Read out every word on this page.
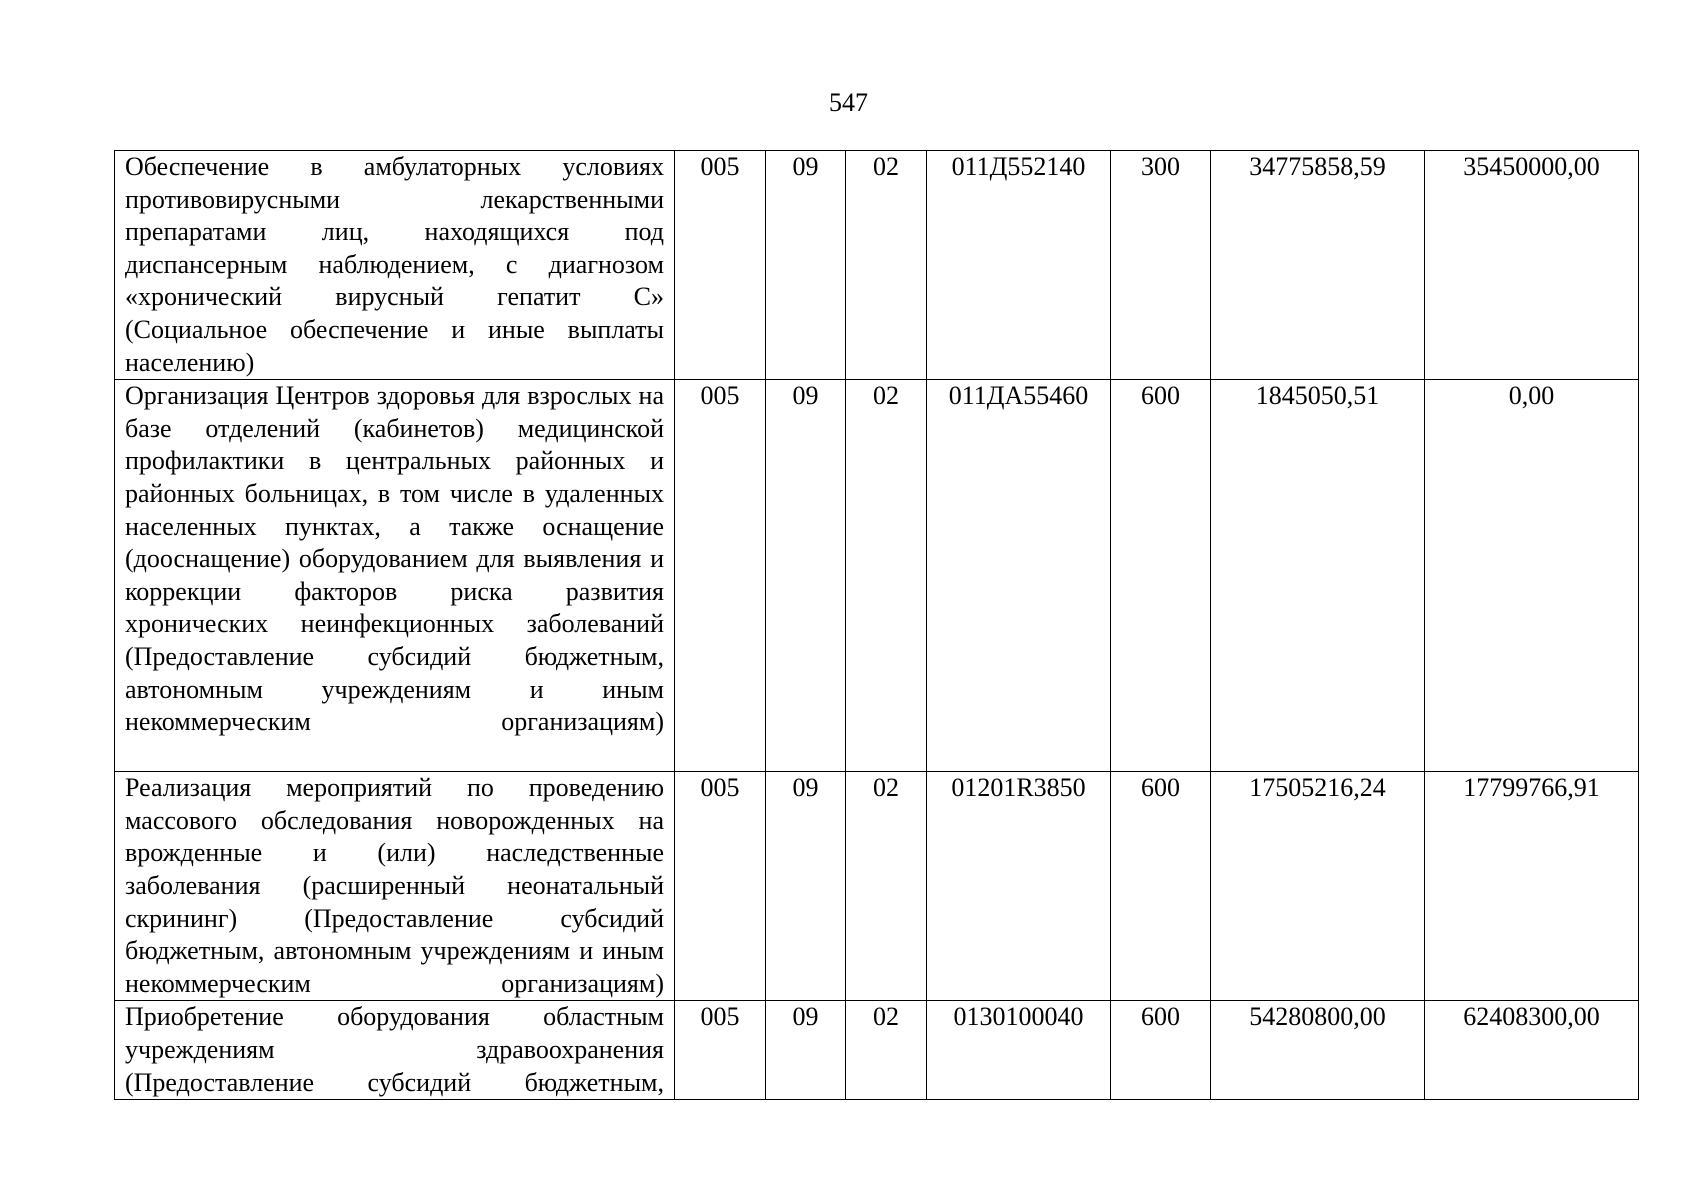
547
Обеспечение в амбулаторных условиях противовирусными лекарственными препаратами лиц, находящихся под диспансерным наблюдением, с диагнозом «хронический вирусный гепатит С» (Социальное обеспечение и иные выплаты населению)	005	09	02	011Д552140	300	34775858,59	35450000,00

Организация Центров здоровья для взрослых на базе отделений (кабинетов) медицинской профилактики в центральных районных и районных больницах, в том числе в удаленных населенных пунктах, а также оснащение (дооснащение) оборудованием для выявления и коррекции факторов риска развития хронических неинфекционных заболеваний (Предоставление субсидий бюджетным, автономным учреждениям и иным некоммерческим организациям)	005	09	02	011ДА55460	600	1845050,51	0,00

Реализация мероприятий по проведению массового обследования новорожденных на врожденные и (или) наследственные заболевания (расширенный неонатальный скрининг) (Предоставление субсидий бюджетным, автономным учреждениям и иным некоммерческим организациям)	005	09	02	01201R3850	600	17505216,24	17799766,91

Приобретение оборудования областным учреждениям здравоохранения (Предоставление субсидий бюджетным,	005	09	02	0130100040	600	54280800,00	62408300,00
